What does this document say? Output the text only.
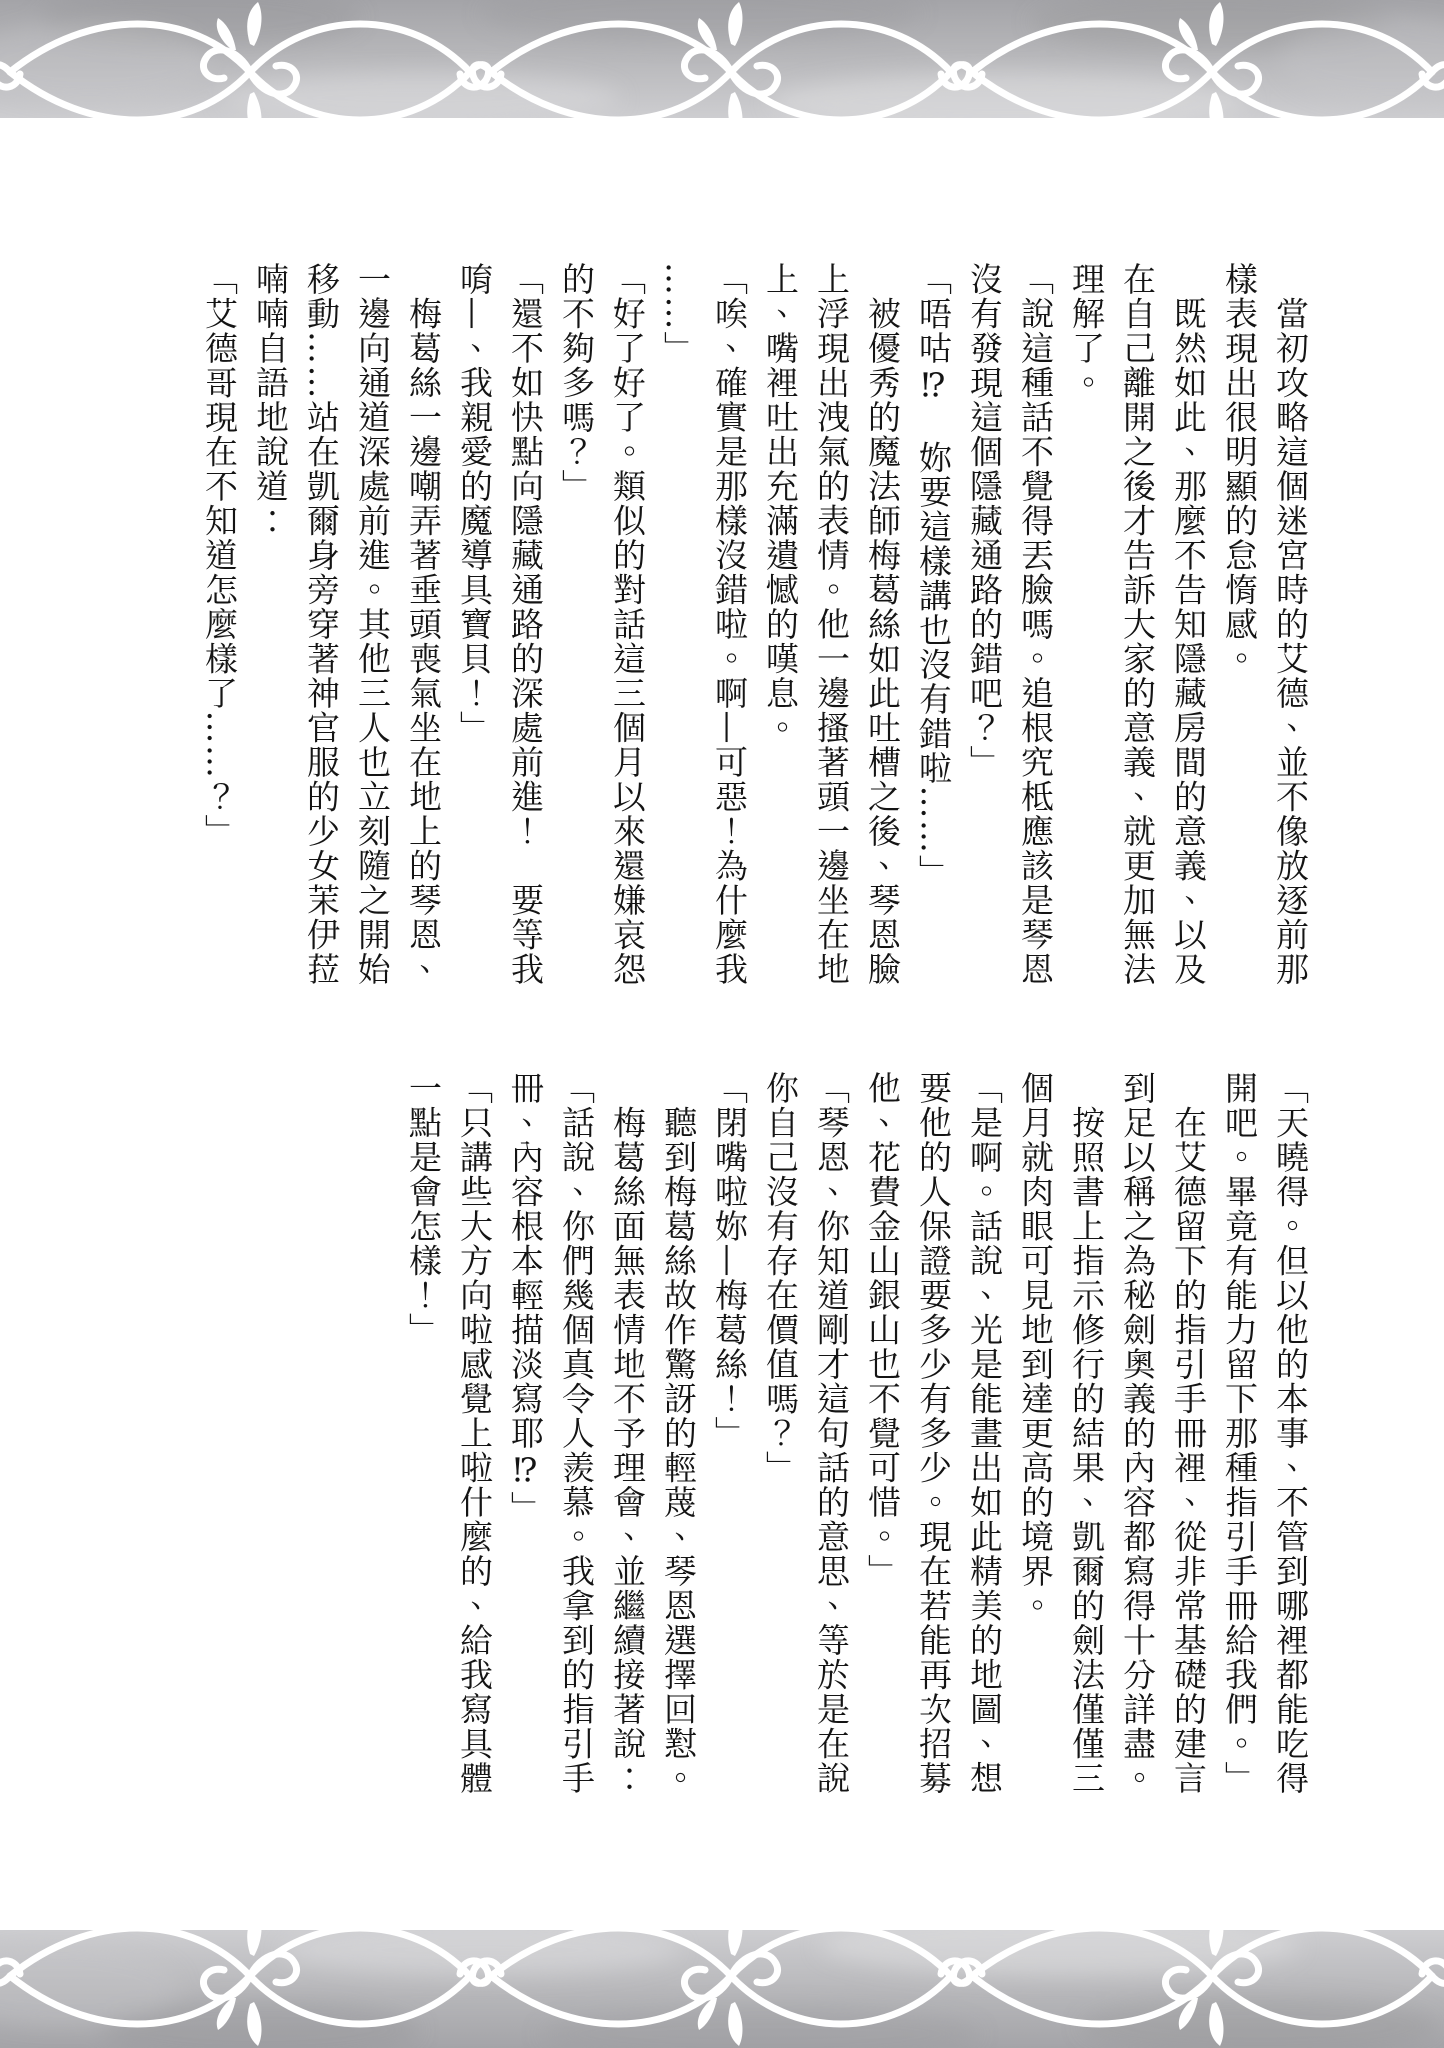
　當初攻略這個迷宮時的艾德、並不像放逐前那
樣表現出很明顯的怠惰感。
　既然如此、那麼不告知隱藏房間的意義、以及
在自己離開之後才告訴大家的意義、就更加無法
理解了。
「說這種話不覺得丟臉嗎。追根究柢應該是琴恩
沒有發現這個隱藏通路的錯吧？」
「唔咕⁉　妳要這樣講也沒有錯啦……」
　被優秀的魔法師梅葛絲如此吐槽之後、琴恩臉
上浮現出洩氣的表情。他一邊搔著頭一邊坐在地
上、嘴裡吐出充滿遺憾的嘆息。
「唉、確實是那樣沒錯啦。啊—可惡！為什麼我
……」
「好了好了。類似的對話這三個月以來還嫌哀怨
的不夠多嗎？」
「還不如快點向隱藏通路的深處前進！　要等我
唷—、我親愛的魔導具寶貝！」
　梅葛絲一邊嘲弄著垂頭喪氣坐在地上的琴恩、
一邊向通道深處前進。其他三人也立刻隨之開始
移動……站在凱爾身旁穿著神官服的少女茉伊菈
喃喃自語地說道：
「艾德哥現在不知道怎麼樣了……？」
「天曉得。但以他的本事、不管到哪裡都能吃得
開吧。畢竟有能力留下那種指引手冊給我們。」
　在艾德留下的指引手冊裡、從非常基礎的建言
到足以稱之為秘劍奧義的內容都寫得十分詳盡。
　按照書上指示修行的結果、凱爾的劍法僅僅三
個月就肉眼可見地到達更高的境界。
「是啊。話說、光是能畫出如此精美的地圖、想
要他的人保證要多少有多少。現在若能再次招募
他、花費金山銀山也不覺可惜。」
「琴恩、你知道剛才這句話的意思、等於是在說
你自己沒有存在價值嗎？」
「閉嘴啦妳—梅葛絲！」
　聽到梅葛絲故作驚訝的輕蔑、琴恩選擇回懟。
　梅葛絲面無表情地不予理會、並繼續接著說：
「話說、你們幾個真令人羨慕。我拿到的指引手
冊、內容根本輕描淡寫耶⁉」
「只講些大方向啦感覺上啦什麼的、給我寫具體
一點是會怎樣！」
